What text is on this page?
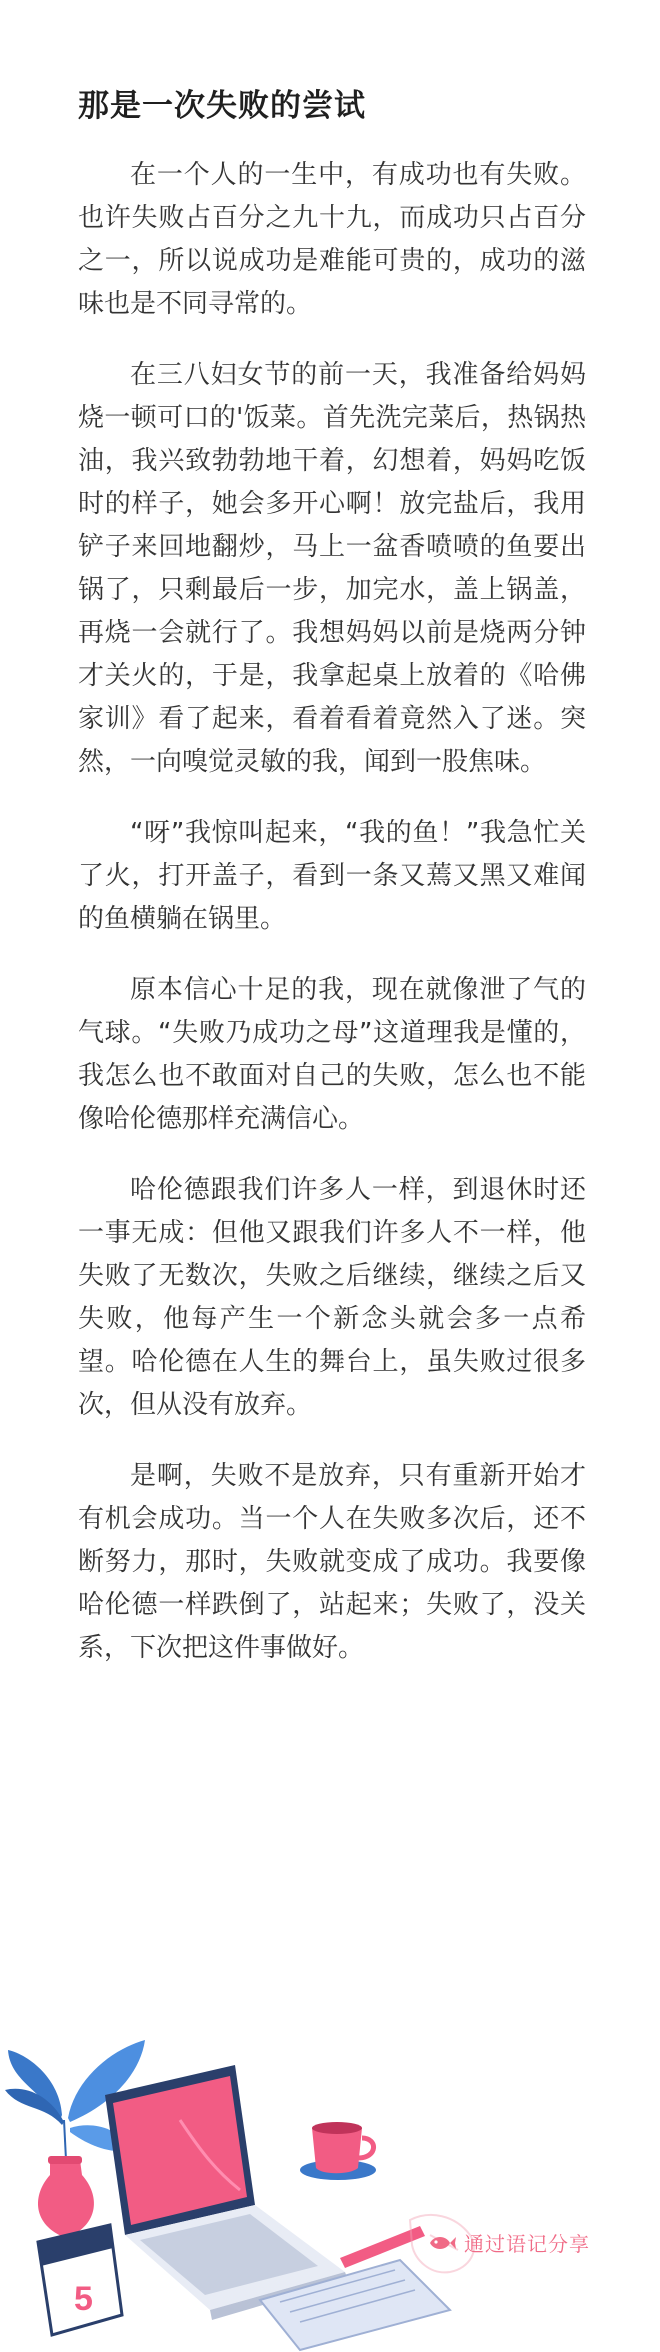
那是一次失败的尝试

在一个人的一生中，有成功也有失败。也许失败占百分之九十九，而成功只占百分之一，所以说成功是难能可贵的，成功的滋味也是不同寻常的。

在三八妇女节的前一天，我准备给妈妈烧一顿可口的'饭菜。首先洗完菜后，热锅热油，我兴致勃勃地干着，幻想着，妈妈吃饭时的样子，她会多开心啊！放完盐后，我用铲子来回地翻炒，马上一盆香喷喷的鱼要出锅了，只剩最后一步，加完水，盖上锅盖，再烧一会就行了。我想妈妈以前是烧两分钟才关火的，于是，我拿起桌上放着的《哈佛家训》看了起来，看着看着竟然入了迷。突然，一向嗅觉灵敏的我，闻到一股焦味。

“呀”我惊叫起来，“我的鱼！”我急忙关了火，打开盖子，看到一条又蔫又黑又难闻的鱼横躺在锅里。

原本信心十足的我，现在就像泄了气的气球。“失败乃成功之母”这道理我是懂的，我怎么也不敢面对自己的失败，怎么也不能像哈伦德那样充满信心。

哈伦德跟我们许多人一样，到退休时还一事无成：但他又跟我们许多人不一样，他失败了无数次，失败之后继续，继续之后又失败，他每产生一个新念头就会多一点希望。哈伦德在人生的舞台上，虽失败过很多次，但从没有放弃。

是啊，失败不是放弃，只有重新开始才有机会成功。当一个人在失败多次后，还不断努力，那时，失败就变成了成功。我要像哈伦德一样跌倒了，站起来；失败了，没关系，下次把这件事做好。

5
通过语记分享
